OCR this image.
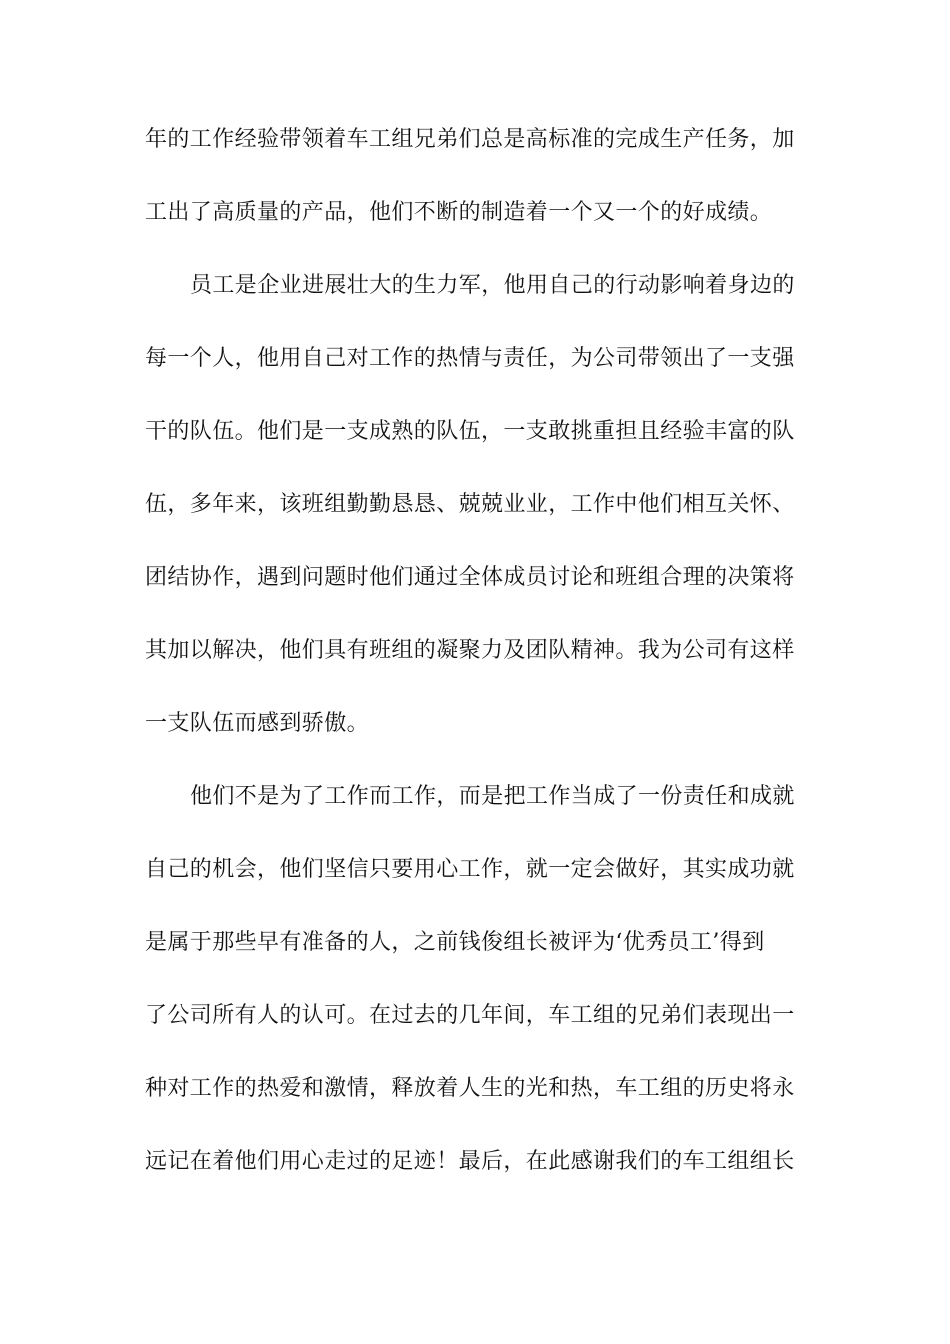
年的工作经验带领着车工组兄弟们总是高标准的完成生产任务，加
工出了高质量的产品，他们不断的制造着一个又一个的好成绩。
员工是企业进展壮大的生力军，他用自己的行动影响着身边的
每一个人，他用自己对工作的热情与责任，为公司带领出了一支强
干的队伍。他们是一支成熟的队伍，一支敢挑重担且经验丰富的队
伍，多年来，该班组勤勤恳恳、兢兢业业，工作中他们相互关怀、
团结协作，遇到问题时他们通过全体成员讨论和班组合理的决策将
其加以解决，他们具有班组的凝聚力及团队精神。我为公司有这样
一支队伍而感到骄傲。
他们不是为了工作而工作，而是把工作当成了一份责任和成就
自己的机会，他们坚信只要用心工作，就一定会做好，其实成功就
是属于那些早有准备的人，之前钱俊组长被评为‘优秀员工’得到
了公司所有人的认可。在过去的几年间，车工组的兄弟们表现出一
种对工作的热爱和激情，释放着人生的光和热，车工组的历史将永
远记在着他们用心走过的足迹！最后，在此感谢我们的车工组组长
